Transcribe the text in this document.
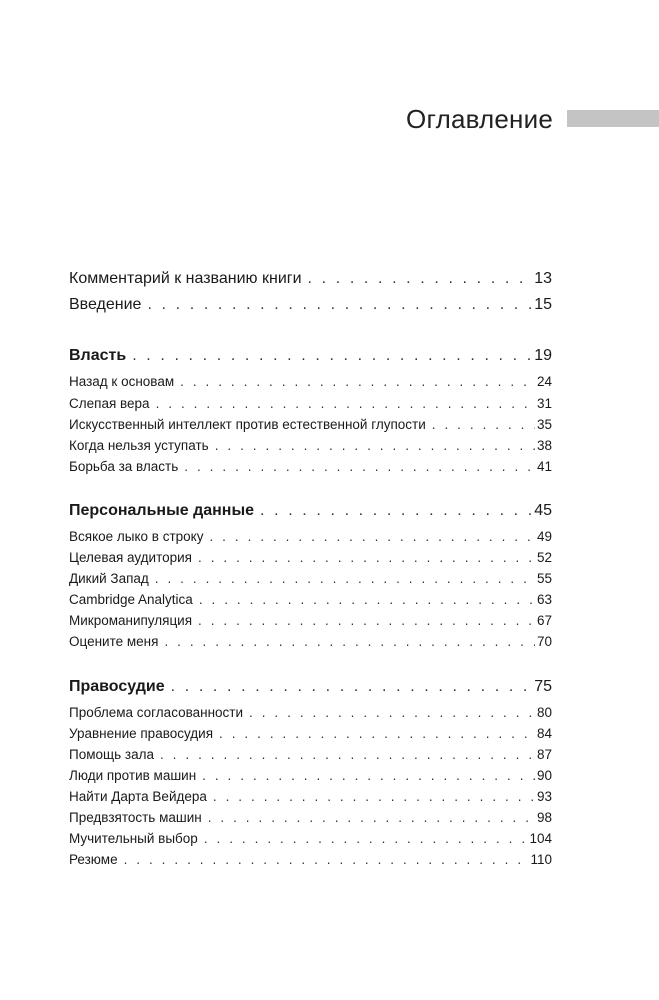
Оглавление
Комментарий к названию книги . . .	13
Введение . . .	15
Власть . . .	19
Назад к основам . . .	24
Слепая вера . . .	31
Искусственный интеллект против естественной глупости . . .	35
Когда нельзя уступать . . .	38
Борьба за власть . . .	41
Персональные данные . . .	45
Всякое лыко в строку . . .	49
Целевая аудитория . . .	52
Дикий Запад . . .	55
Cambridge Analytica . . .	63
Микроманипуляция . . .	67
Оцените меня . . .	70
Правосудие . . .	75
Проблема согласованности . . .	80
Уравнение правосудия . . .	84
Помощь зала . . .	87
Люди против машин . . .	90
Найти Дарта Вейдера . . .	93
Предвзятость машин . . .	98
Мучительный выбор . . .	104
Резюме . . .	110
